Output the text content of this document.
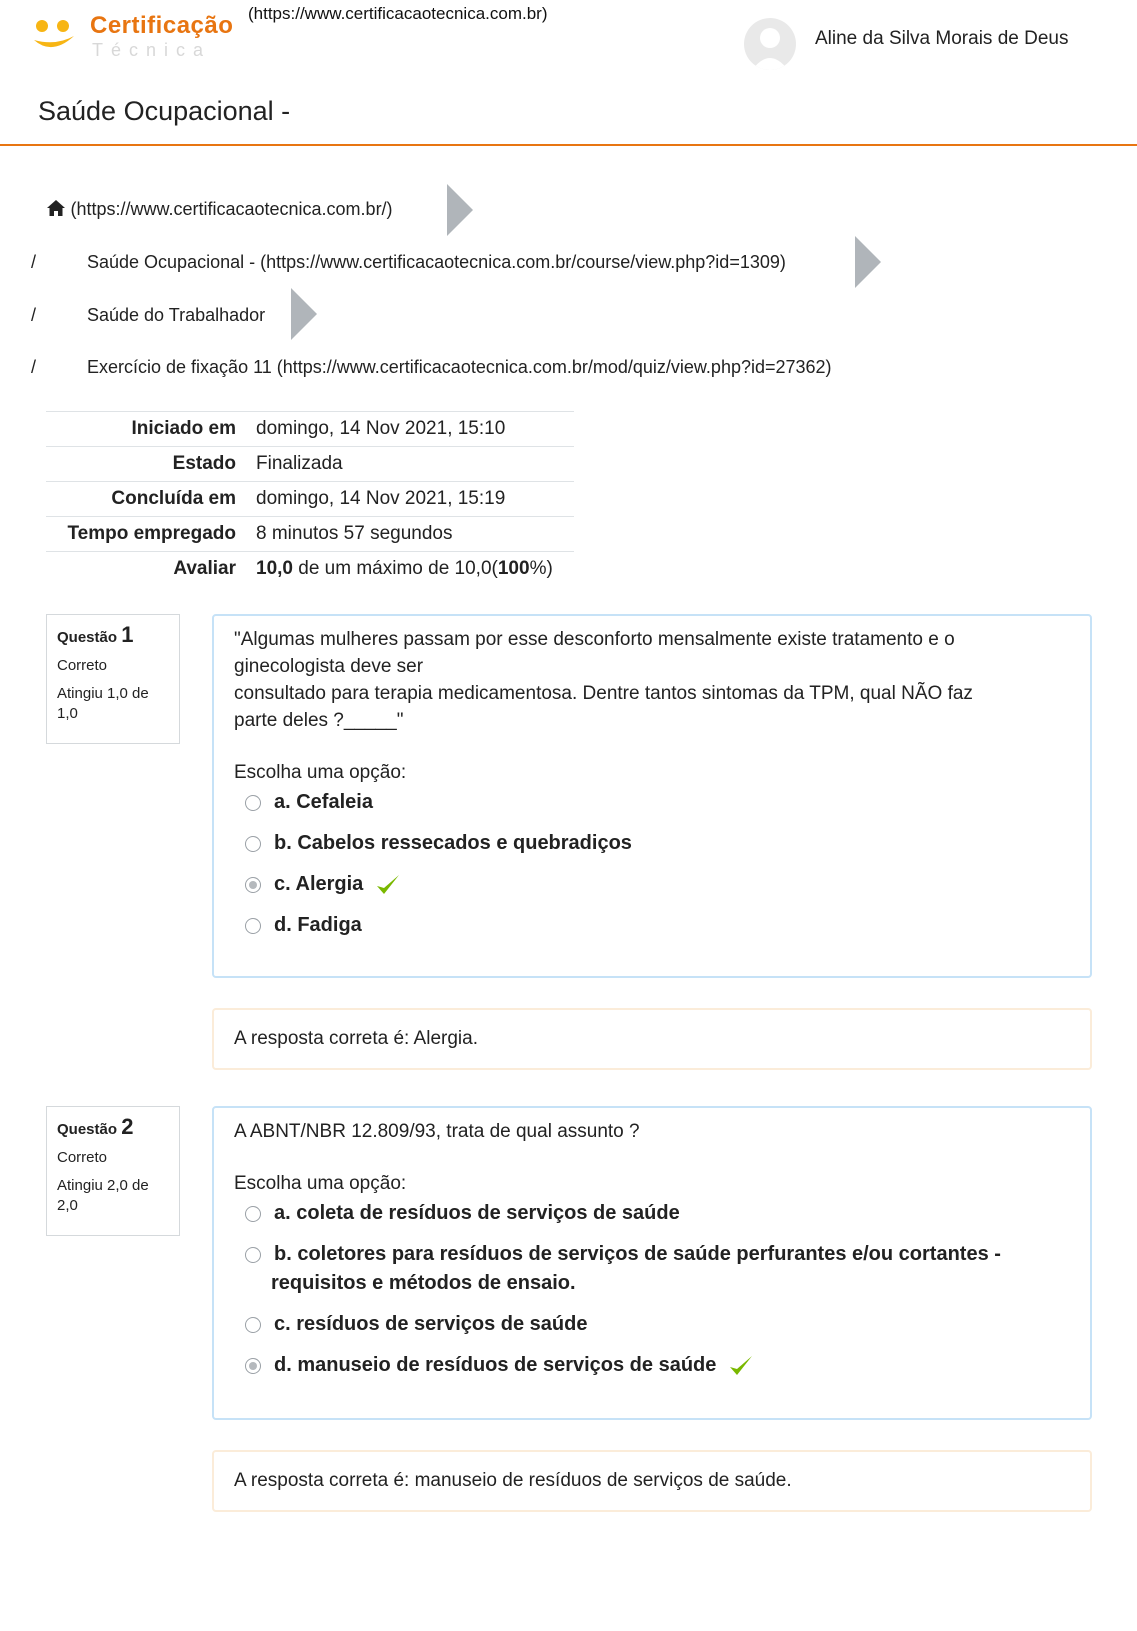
Certificação
Técnica
(https://www.certificacaotecnica.com.br)
Aline da Silva Morais de Deus
Saúde Ocupacional -
(https://www.certificacaotecnica.com.br/)
/	Saúde Ocupacional - (https://www.certificacaotecnica.com.br/course/view.php?id=1309)
/	Saúde do Trabalhador
/	Exercício de fixação 11 (https://www.certificacaotecnica.com.br/mod/quiz/view.php?id=27362)
Iniciado em	domingo, 14 Nov 2021, 15:10
Estado	Finalizada
Concluída em	domingo, 14 Nov 2021, 15:19
Tempo empregado	8 minutos 57 segundos
Avaliar	10,0 de um máximo de 10,0(100%)
Questão 1
Correto
Atingiu 1,0 de 1,0
"Algumas mulheres passam por esse desconforto mensalmente existe tratamento e o
ginecologista deve ser
consultado para terapia medicamentosa. Dentre tantos sintomas da TPM, qual NÃO faz
parte deles ?_____"
Escolha uma opção:
a. Cefaleia
b. Cabelos ressecados e quebradiços
c. Alergia
d. Fadiga
A resposta correta é: Alergia.
Questão 2
Correto
Atingiu 2,0 de 2,0
A ABNT/NBR 12.809/93, trata de qual assunto ?
Escolha uma opção:
a. coleta de resíduos de serviços de saúde
b. coletores para resíduos de serviços de saúde perfurantes e/ou cortantes -
requisitos e métodos de ensaio.
c. resíduos de serviços de saúde
d. manuseio de resíduos de serviços de saúde
A resposta correta é: manuseio de resíduos de serviços de saúde.
